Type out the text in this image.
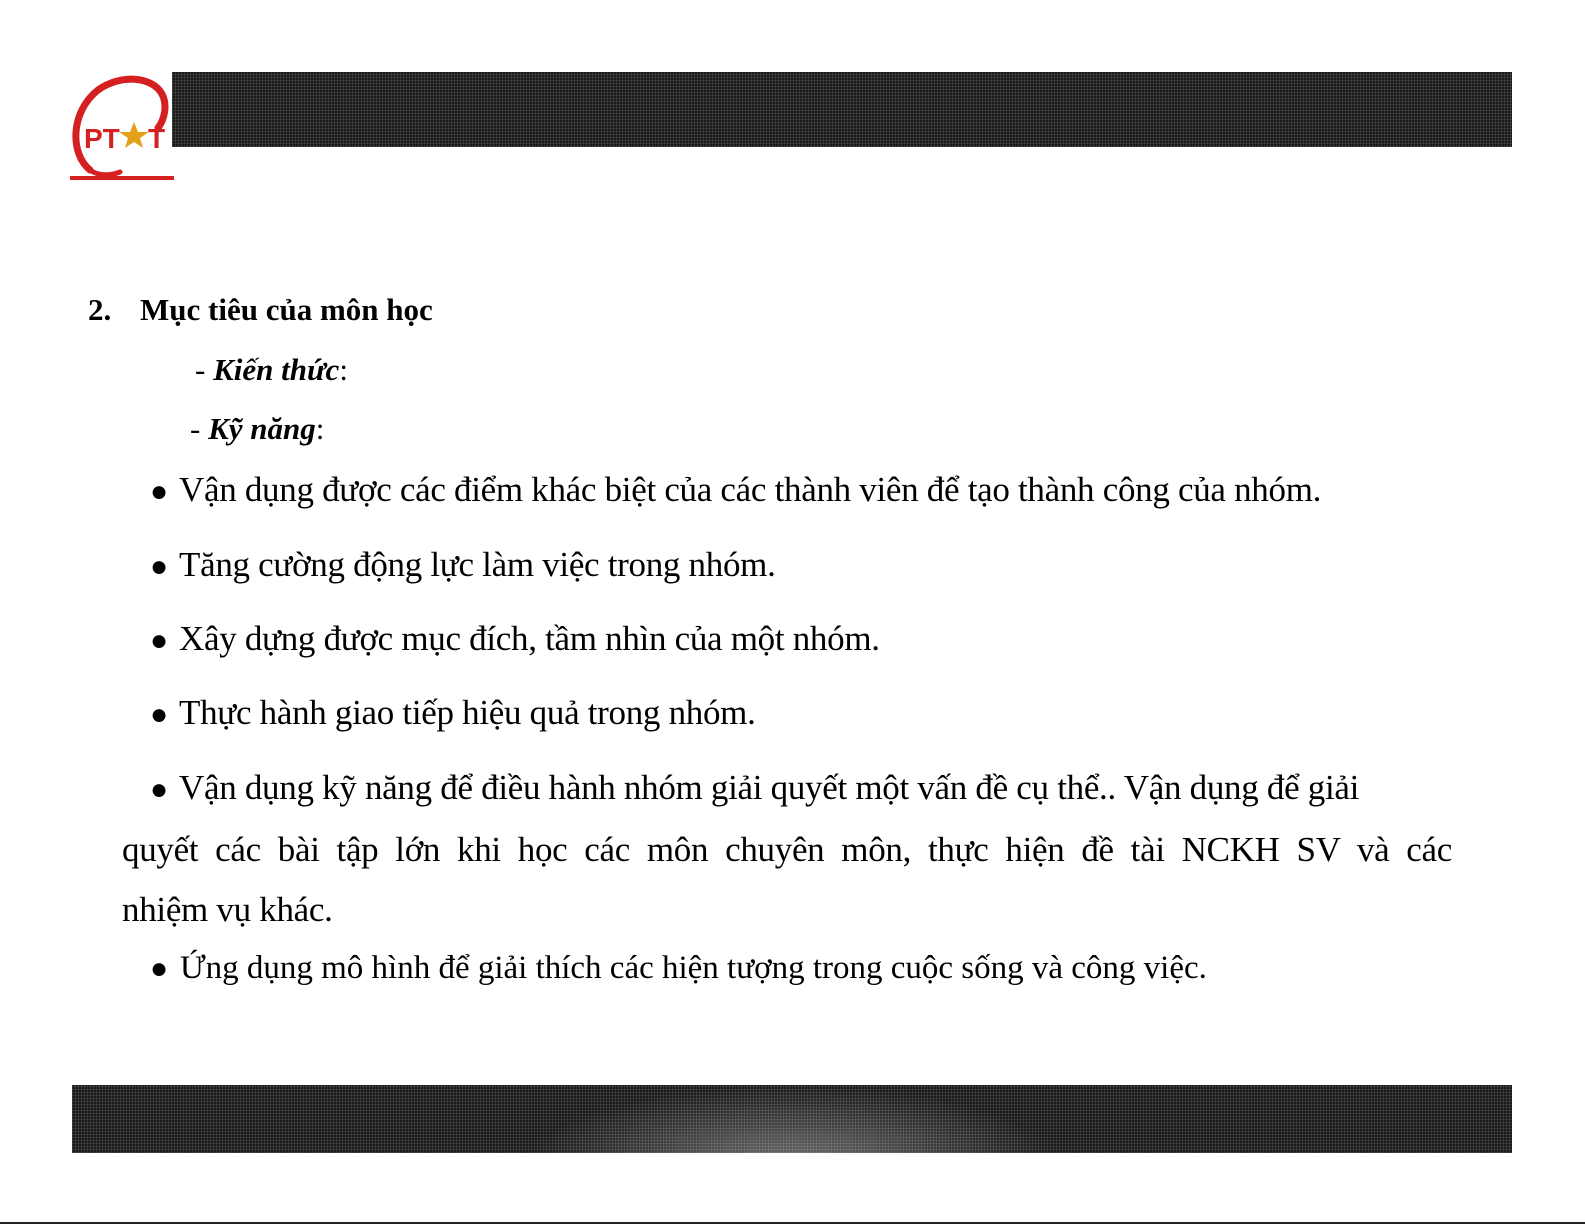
PT T
2. Mục tiêu của môn học

- Kiến thức:

- Kỹ năng:

● Vận dụng được các điểm khác biệt của các thành viên để tạo thành công của nhóm.

● Tăng cường động lực làm việc trong nhóm.

● Xây dựng được mục đích, tầm nhìn của một nhóm.

● Thực hành giao tiếp hiệu quả trong nhóm.

● Vận dụng kỹ năng để điều hành nhóm giải quyết một vấn đề cụ thể.. Vận dụng để giải

quyết các bài tập lớn khi học các môn chuyên môn, thực hiện đề tài NCKH SV và các

nhiệm vụ khác.

● Ứng dụng mô hình để giải thích các hiện tượng trong cuộc sống và công việc.
